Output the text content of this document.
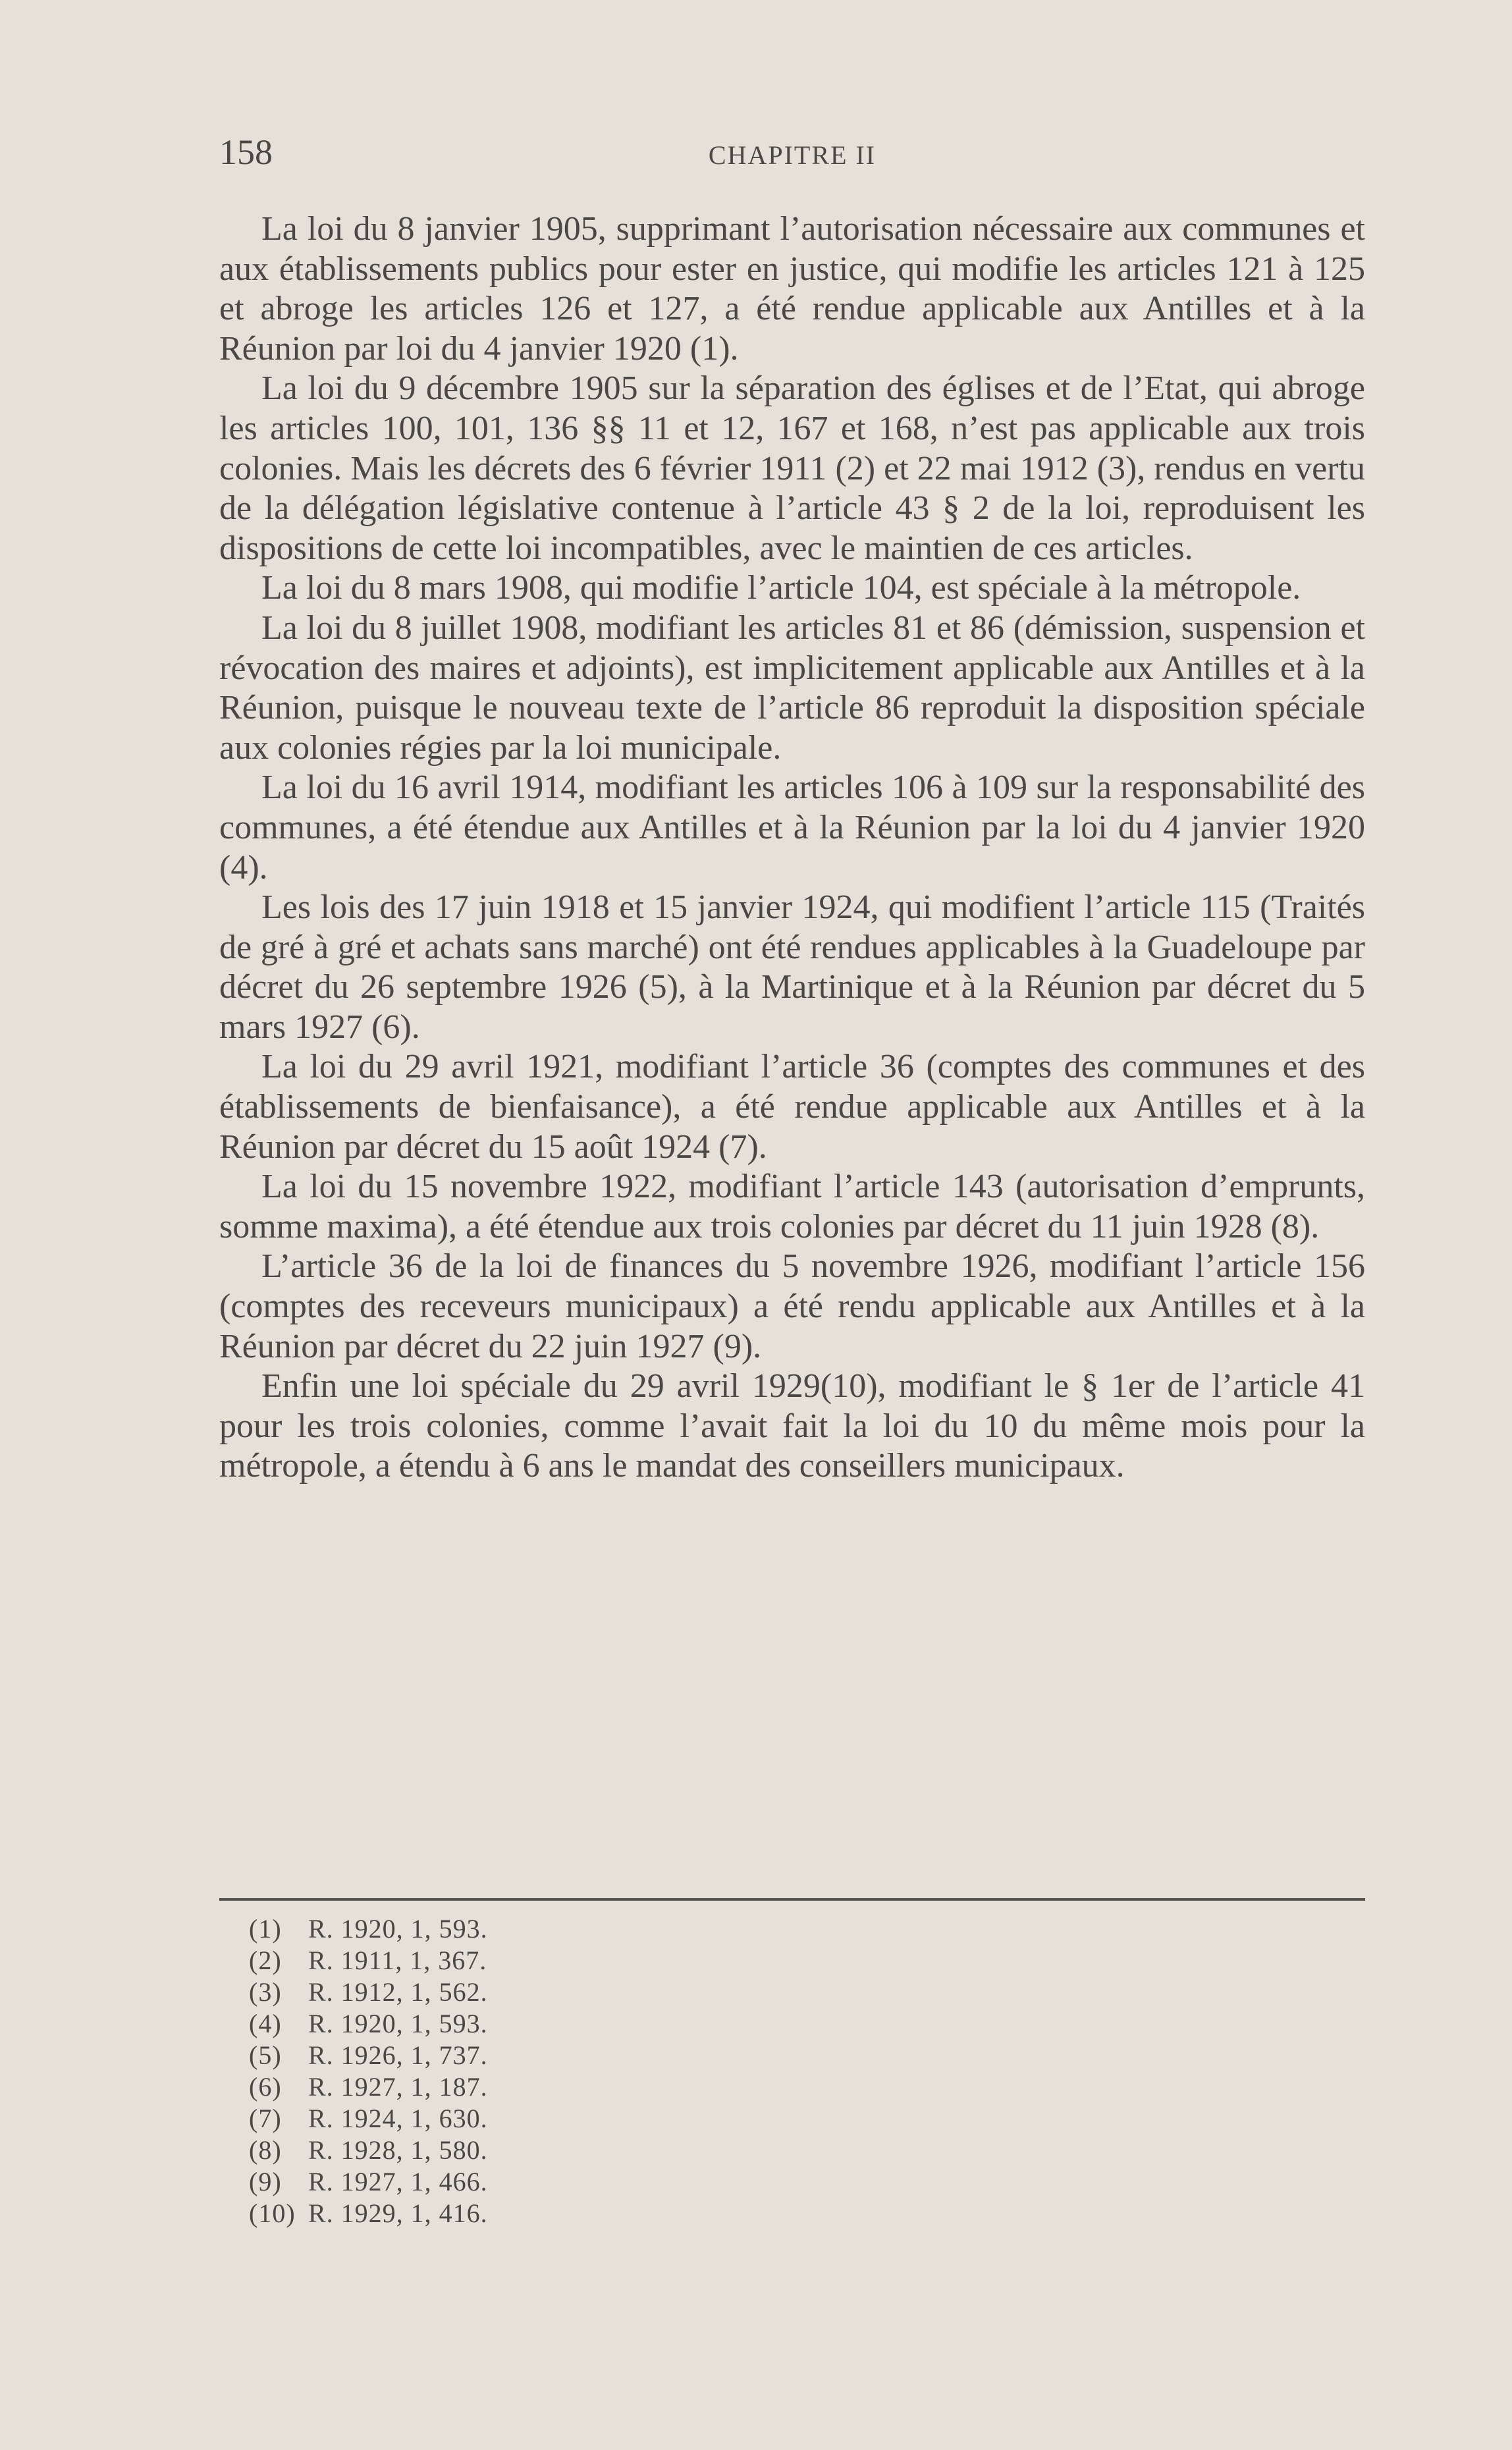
158	CHAPITRE II

La loi du 8 janvier 1905, supprimant l’autorisation nécessaire aux communes et aux établissements publics pour ester en justice, qui modifie les articles 121 à 125 et abroge les articles 126 et 127, a été rendue applicable aux Antilles et à la Réunion par loi du 4 janvier 1920 (1).

La loi du 9 décembre 1905 sur la séparation des églises et de l’Etat, qui abroge les articles 100, 101, 136 §§ 11 et 12, 167 et 168, n’est pas applicable aux trois colonies. Mais les décrets des 6 février 1911 (2) et 22 mai 1912 (3), rendus en vertu de la délégation législative contenue à l’article 43 § 2 de la loi, reproduisent les dispositions de cette loi incompatibles, avec le maintien de ces articles.

La loi du 8 mars 1908, qui modifie l’article 104, est spéciale à la métropole.

La loi du 8 juillet 1908, modifiant les articles 81 et 86 (démission, suspension et révocation des maires et adjoints), est implicitement applicable aux Antilles et à la Réunion, puisque le nouveau texte de l’article 86 reproduit la disposition spéciale aux colonies régies par la loi municipale.

La loi du 16 avril 1914, modifiant les articles 106 à 109 sur la responsabilité des communes, a été étendue aux Antilles et à la Réunion par la loi du 4 janvier 1920 (4).

Les lois des 17 juin 1918 et 15 janvier 1924, qui modifient l’article 115 (Traités de gré à gré et achats sans marché) ont été rendues applicables à la Guadeloupe par décret du 26 septembre 1926 (5), à la Martinique et à la Réunion par décret du 5 mars 1927 (6).

La loi du 29 avril 1921, modifiant l’article 36 (comptes des communes et des établissements de bienfaisance), a été rendue applicable aux Antilles et à la Réunion par décret du 15 août 1924 (7).

La loi du 15 novembre 1922, modifiant l’article 143 (autorisation d’emprunts, somme maxima), a été étendue aux trois colonies par décret du 11 juin 1928 (8).

L’article 36 de la loi de finances du 5 novembre 1926, modifiant l’article 156 (comptes des receveurs municipaux) a été rendu applicable aux Antilles et à la Réunion par décret du 22 juin 1927 (9).

Enfin une loi spéciale du 29 avril 1929(10), modifiant le § 1er de l’article 41 pour les trois colonies, comme l’avait fait la loi du 10 du même mois pour la métropole, a étendu à 6 ans le mandat des conseillers municipaux.

(1) R. 1920, 1, 593.
(2) R. 1911, 1, 367.
(3) R. 1912, 1, 562.
(4) R. 1920, 1, 593.
(5) R. 1926, 1, 737.
(6) R. 1927, 1, 187.
(7) R. 1924, 1, 630.
(8) R. 1928, 1, 580.
(9) R. 1927, 1, 466.
(10) R. 1929, 1, 416.
